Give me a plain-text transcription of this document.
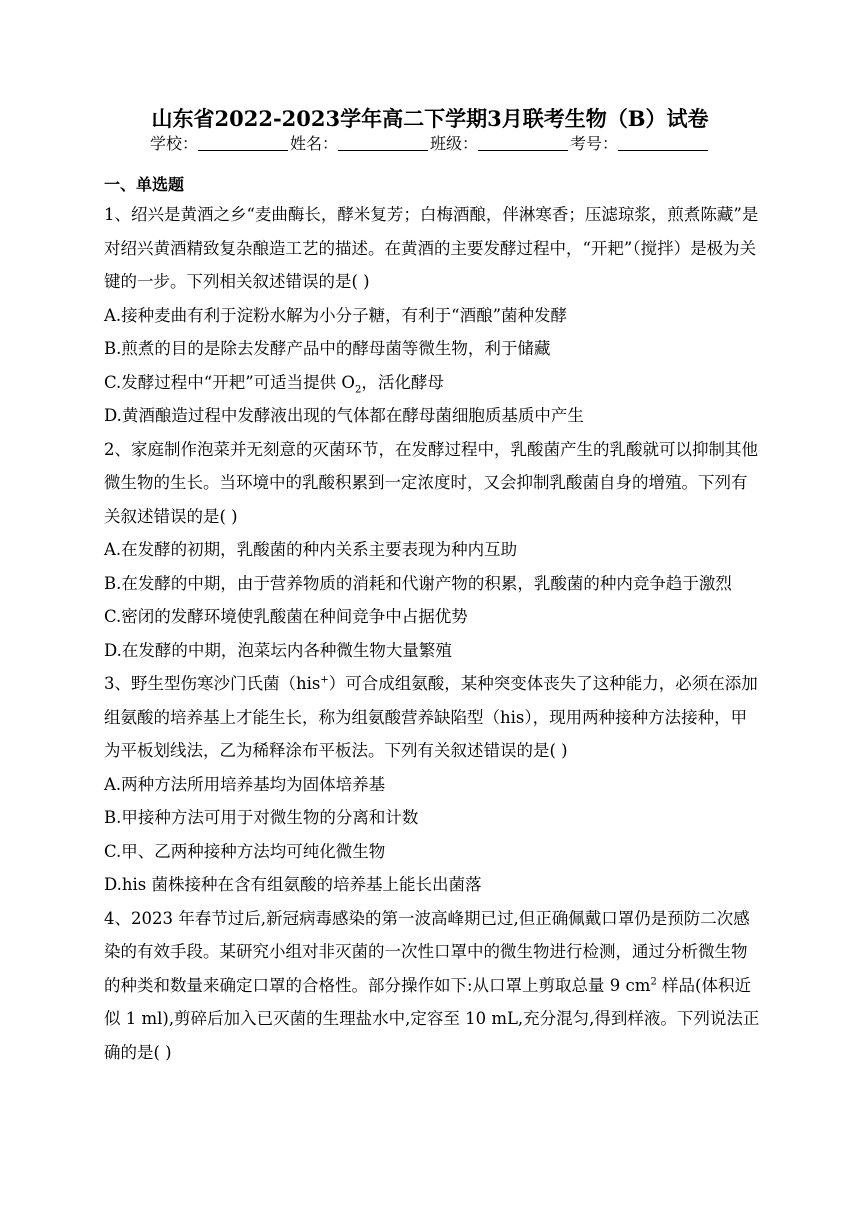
山东省2022-2023学年高二下学期3月联考生物（B）试卷
学校：	姓名：	班级：	考号：
一、单选题

1、绍兴是黄酒之乡“麦曲酶长，酵米复芳；白梅酒酿，伴淋寒香；压滤琼浆，煎煮陈藏”是对绍兴黄酒精致复杂酿造工艺的描述。在黄酒的主要发酵过程中，“开耙”（搅拌）是极为关键的一步。下列相关叙述错误的是( )

A.接种麦曲有利于淀粉水解为小分子糖，有利于“酒酿”菌种发酵

B.煎煮的目的是除去发酵产品中的酵母菌等微生物，利于储藏

C.发酵过程中“开耙”可适当提供 $O_2$，活化酵母

D.黄酒酿造过程中发酵液出现的气体都在酵母菌细胞质基质中产生

2、家庭制作泡菜并无刻意的灭菌环节，在发酵过程中，乳酸菌产生的乳酸就可以抑制其他微生物的生长。当环境中的乳酸积累到一定浓度时，又会抑制乳酸菌自身的增殖。下列有关叙述错误的是( )

A.在发酵的初期，乳酸菌的种内关系主要表现为种内互助

B.在发酵的中期，由于营养物质的消耗和代谢产物的积累，乳酸菌的种内竞争趋于激烈

C.密闭的发酵环境使乳酸菌在种间竞争中占据优势

D.在发酵的中期，泡菜坛内各种微生物大量繁殖

3、野生型伤寒沙门氏菌（his+）可合成组氨酸，某种突变体丧失了这种能力，必须在添加组氨酸的培养基上才能生长，称为组氨酸营养缺陷型（his），现用两种接种方法接种，甲为平板划线法，乙为稀释涂布平板法。下列有关叙述错误的是( )

A.两种方法所用培养基均为固体培养基

B.甲接种方法可用于对微生物的分离和计数

C.甲、乙两种接种方法均可纯化微生物

D.his 菌株接种在含有组氨酸的培养基上能长出菌落

4、2023 年春节过后,新冠病毒感染的第一波高峰期已过,但正确佩戴口罩仍是预防二次感染的有效手段。某研究小组对非灭菌的一次性口罩中的微生物进行检测，通过分析微生物的种类和数量来确定口罩的合格性。部分操作如下:从口罩上剪取总量 9 $cm^2$ 样品(体积近似 1 ml),剪碎后加入已灭菌的生理盐水中,定容至 10 mL,充分混匀,得到样液。下列说法正确的是( )
